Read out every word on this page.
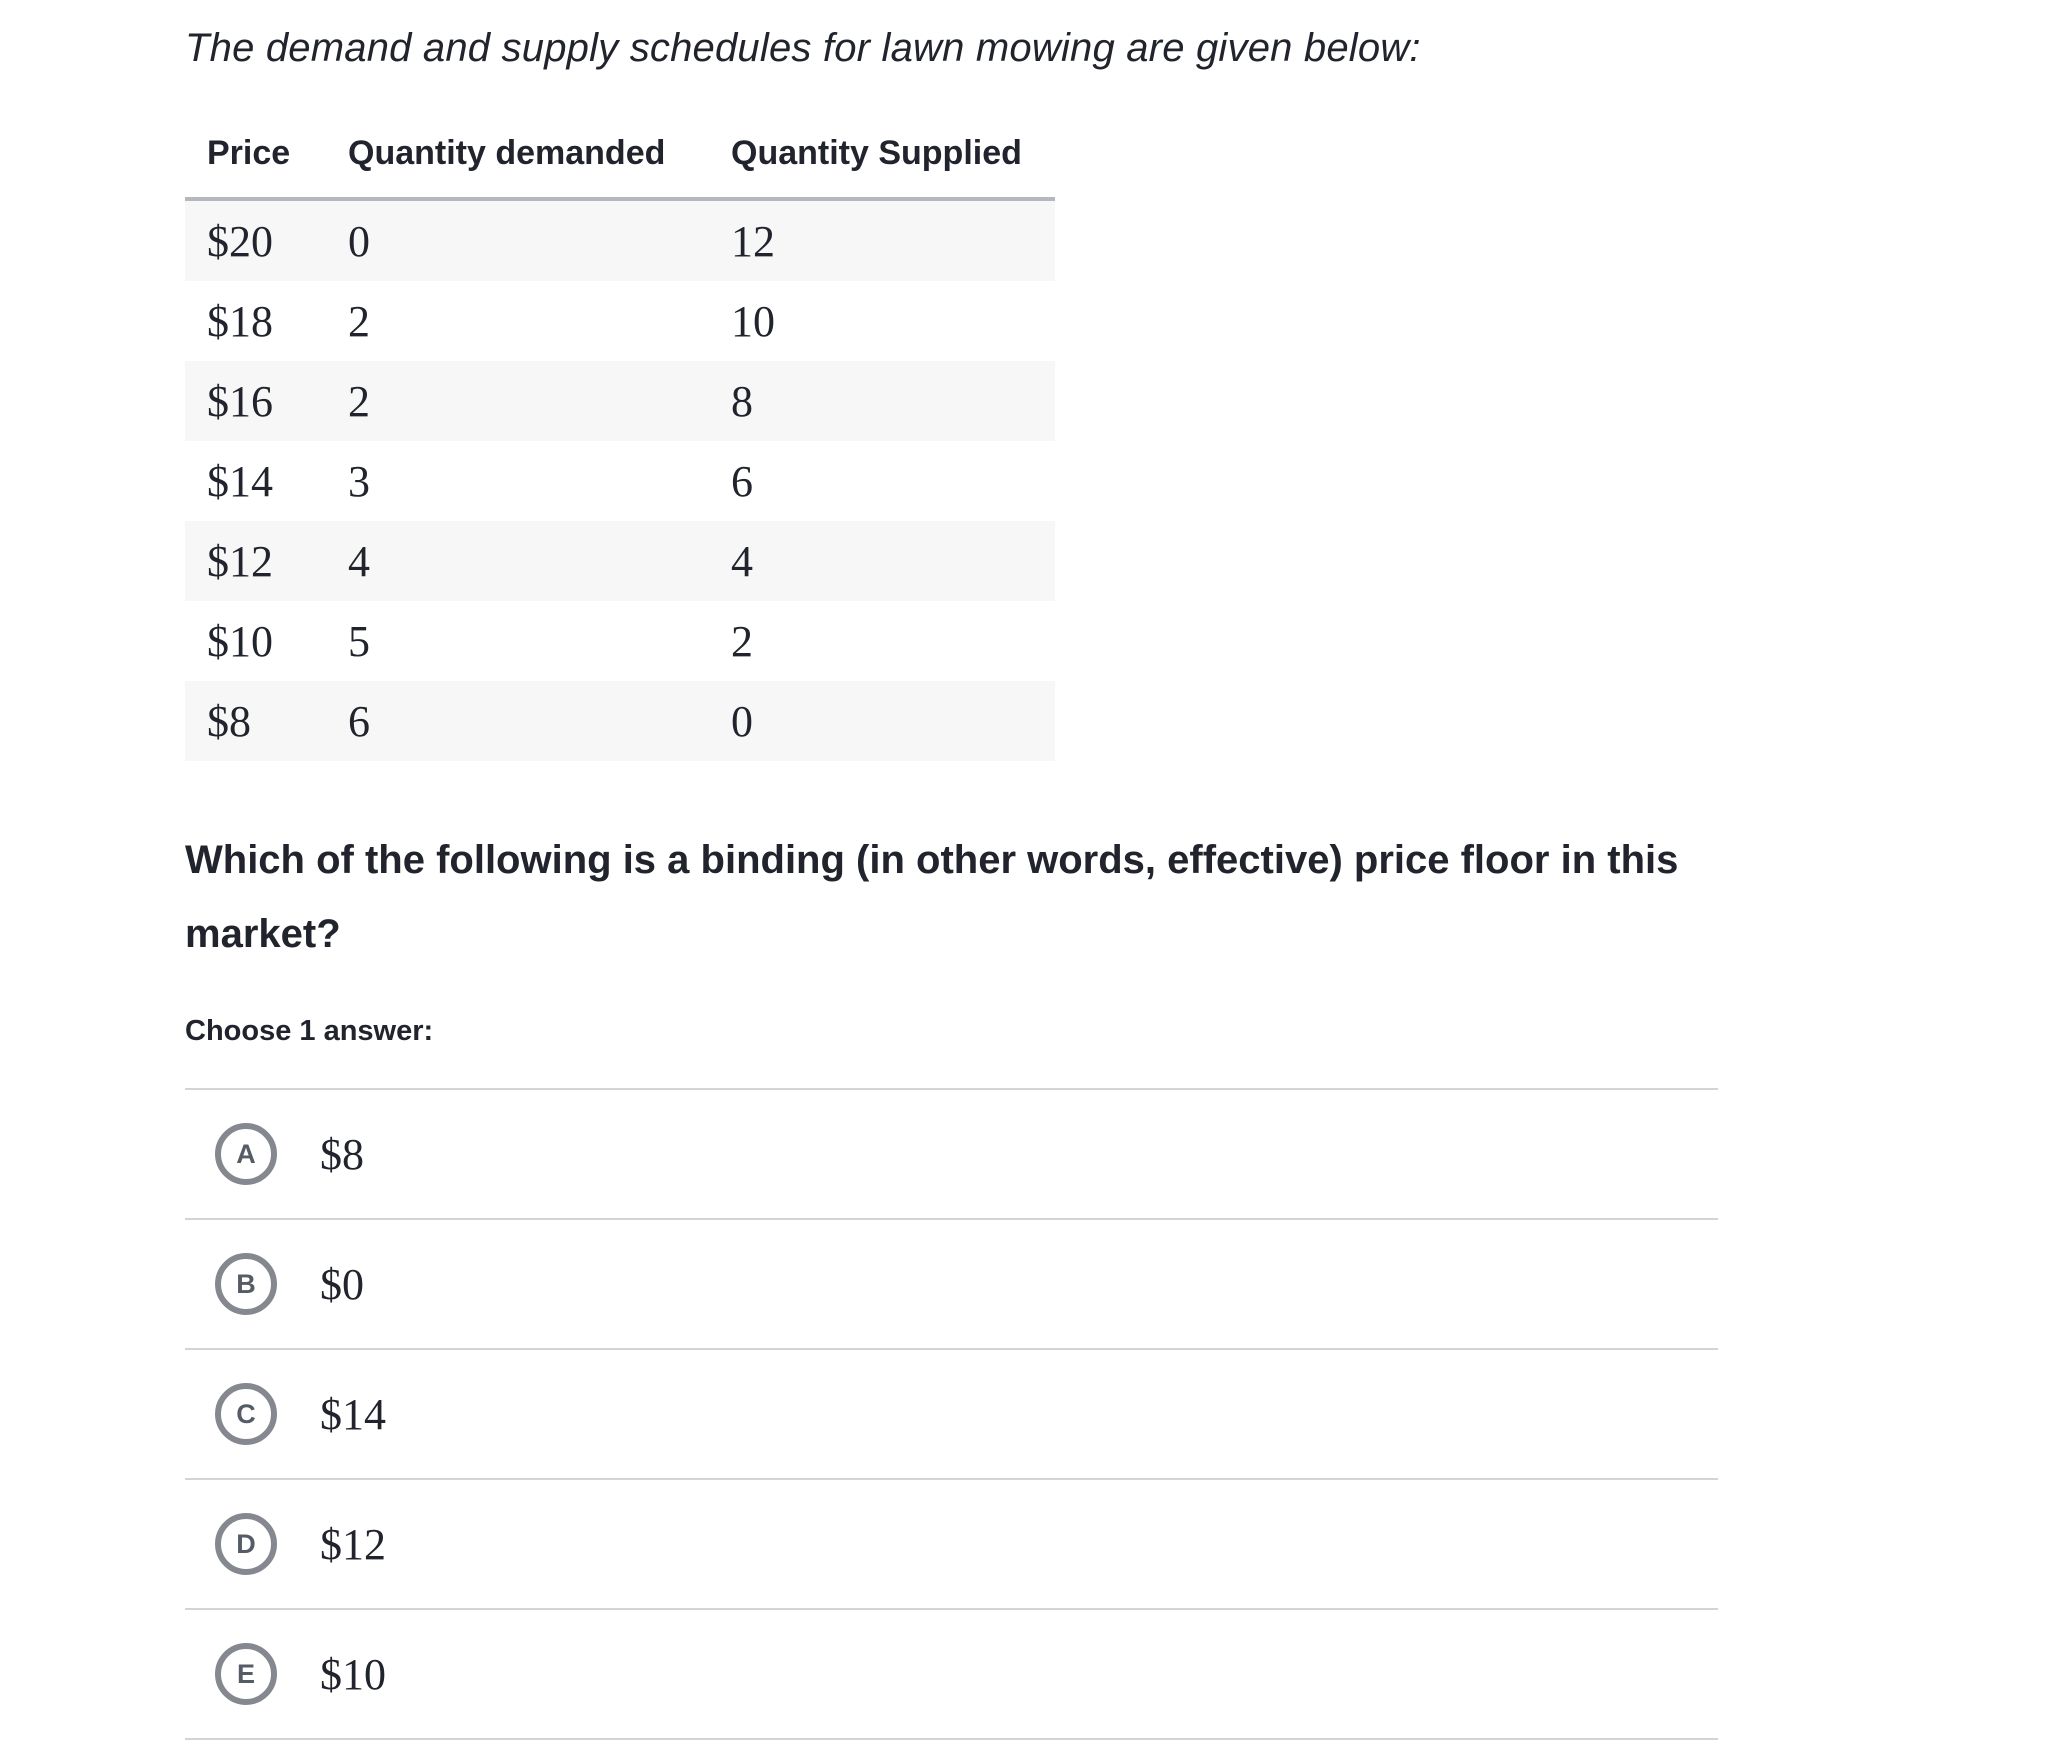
The demand and supply schedules for lawn mowing are given below:
Price	Quantity demanded	Quantity Supplied
$20	0	12
$18	2	10
$16	2	8
$14	3	6
$12	4	4
$10	5	2
$8	6	0
Which of the following is a binding (in other words, effective) price floor in this market?
Choose 1 answer:
A $8
B $0
C $14
D $12
E $10
